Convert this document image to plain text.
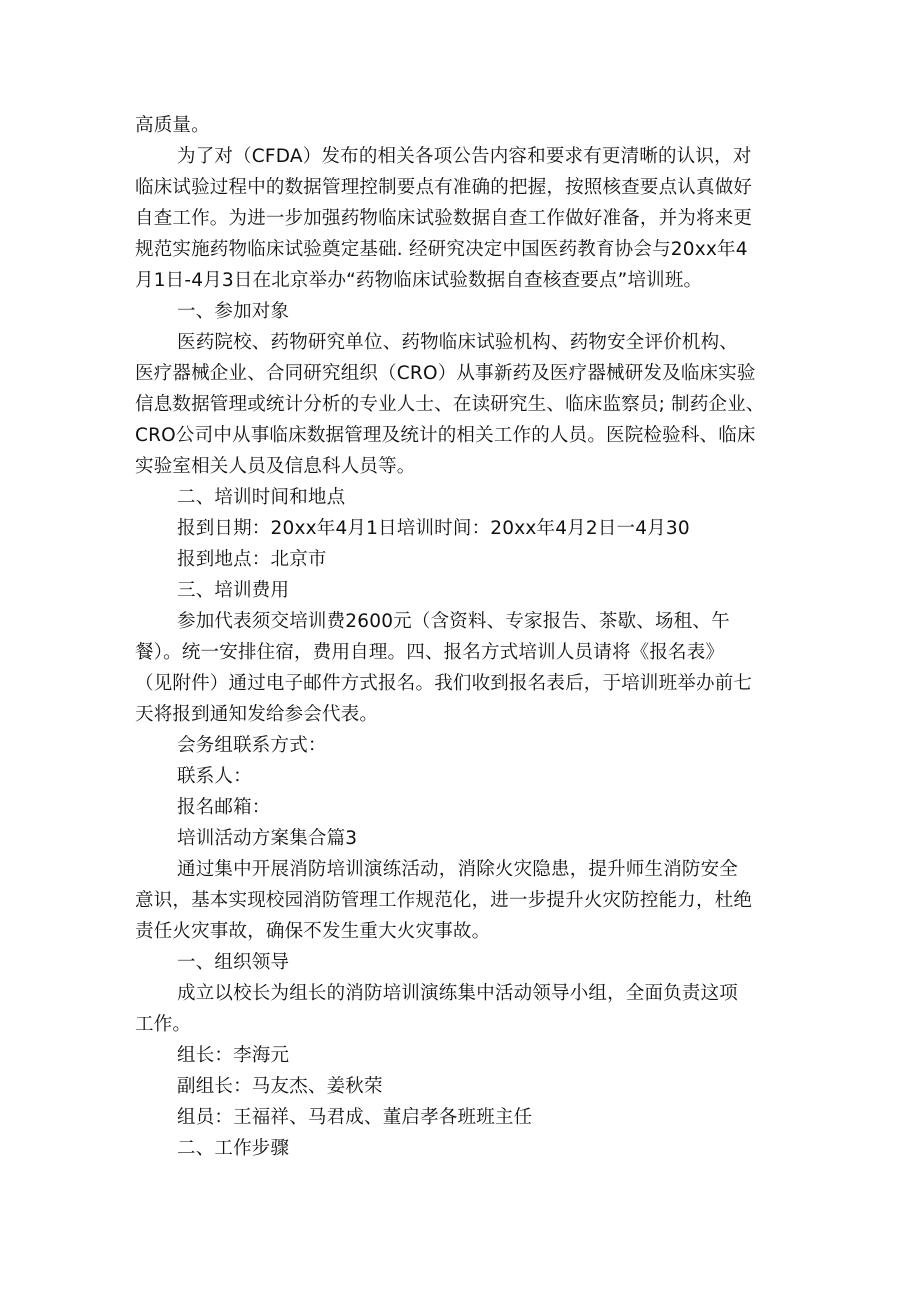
高质量。
为了对（CFDA）发布的相关各项公告内容和要求有更清晰的认识，对
临床试验过程中的数据管理控制要点有准确的把握，按照核查要点认真做好
自查工作。为进一步加强药物临床试验数据自查工作做好准备，并为将来更
规范实施药物临床试验奠定基础. 经研究决定中国医药教育协会与20xx年4
月1日-4月3日在北京举办“药物临床试验数据自查核查要点”培训班。
一、参加对象
医药院校、药物研究单位、药物临床试验机构、药物安全评价机构、
医疗器械企业、合同研究组织（CRO）从事新药及医疗器械研发及临床实验
信息数据管理或统计分析的专业人士、在读研究生、临床监察员; 制药企业、
CRO公司中从事临床数据管理及统计的相关工作的人员。医院检验科、临床
实验室相关人员及信息科人员等。
二、培训时间和地点
报到日期：20xx年4月1日培训时间：20xx年4月2日一4月30
报到地点：北京市
三、培训费用
参加代表须交培训费2600元（含资料、专家报告、茶歇、场租、午
餐）。统一安排住宿，费用自理。四、报名方式培训人员请将《报名表》
（见附件）通过电子邮件方式报名。我们收到报名表后，于培训班举办前七
天将报到通知发给参会代表。
会务组联系方式：
联系人：
报名邮箱：
培训活动方案集合篇3
通过集中开展消防培训演练活动，消除火灾隐患，提升师生消防安全
意识，基本实现校园消防管理工作规范化，进一步提升火灾防控能力，杜绝
责任火灾事故，确保不发生重大火灾事故。
一、组织领导
成立以校长为组长的消防培训演练集中活动领导小组，全面负责这项
工作。
组长：李海元
副组长：马友杰、姜秋荣
组员：王福祥、马君成、董启孝各班班主任
二、工作步骤
